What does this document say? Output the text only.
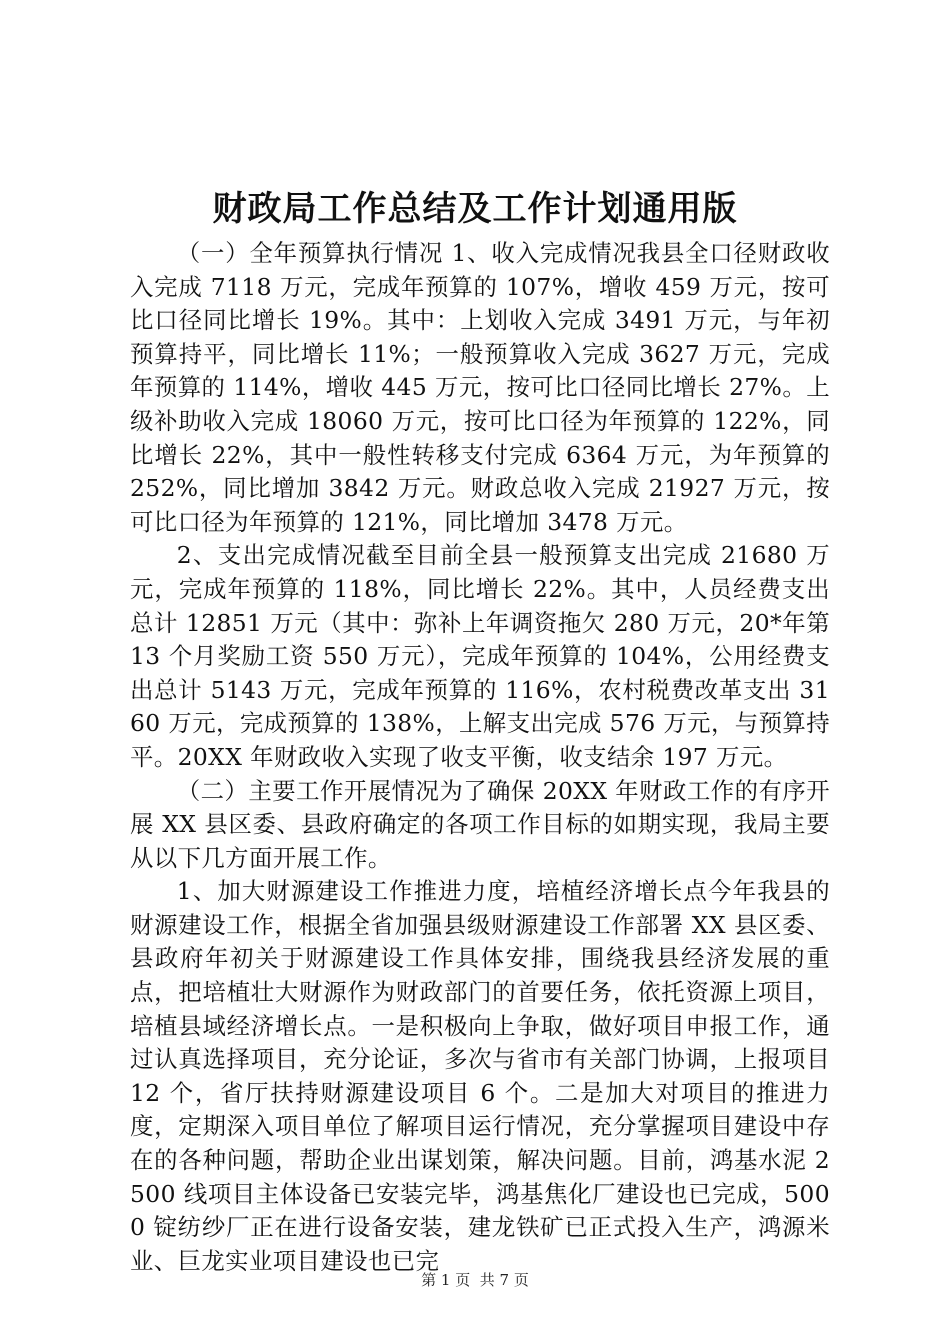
财政局工作总结及工作计划通用版

（一）全年预算执行情况 1、收入完成情况我县全口径财政收入完成 7118 万元，完成年预算的 107%，增收 459 万元，按可比口径同比增长 19%。其中：上划收入完成 3491 万元，与年初预算持平，同比增长 11%；一般预算收入完成 3627 万元，完成年预算的 114%，增收 445 万元，按可比口径同比增长 27%。上级补助收入完成 18060 万元，按可比口径为年预算的 122%，同比增长 22%，其中一般性转移支付完成 6364 万元，为年预算的 252%，同比增加 3842 万元。财政总收入完成 21927 万元，按可比口径为年预算的 121%，同比增加 3478 万元。

2、支出完成情况截至目前全县一般预算支出完成 21680 万元，完成年预算的 118%，同比增长 22%。其中，人员经费支出总计 12851 万元（其中：弥补上年调资拖欠 280 万元，20*年第 13 个月奖励工资 550 万元），完成年预算的 104%，公用经费支出总计 5143 万元，完成年预算的 116%，农村税费改革支出 3160 万元，完成预算的 138%，上解支出完成 576 万元，与预算持平。20XX 年财政收入实现了收支平衡，收支结余 197 万元。

（二）主要工作开展情况为了确保 20XX 年财政工作的有序开展 XX 县区委、县政府确定的各项工作目标的如期实现，我局主要从以下几方面开展工作。

1、加大财源建设工作推进力度，培植经济增长点今年我县的财源建设工作，根据全省加强县级财源建设工作部署 XX 县区委、县政府年初关于财源建设工作具体安排，围绕我县经济发展的重点，把培植壮大财源作为财政部门的首要任务，依托资源上项目，培植县域经济增长点。一是积极向上争取，做好项目申报工作，通过认真选择项目，充分论证，多次与省市有关部门协调，上报项目 12 个，省厅扶持财源建设项目 6 个。二是加大对项目的推进力度，定期深入项目单位了解项目运行情况，充分掌握项目建设中存在的各种问题，帮助企业出谋划策，解决问题。目前，鸿基水泥 2500 线项目主体设备已安装完毕，鸿基焦化厂建设也已完成，5000 锭纺纱厂正在进行设备安装，建龙铁矿已正式投入生产，鸿源米业、巨龙实业项目建设也已完

第 1 页 共 7 页
